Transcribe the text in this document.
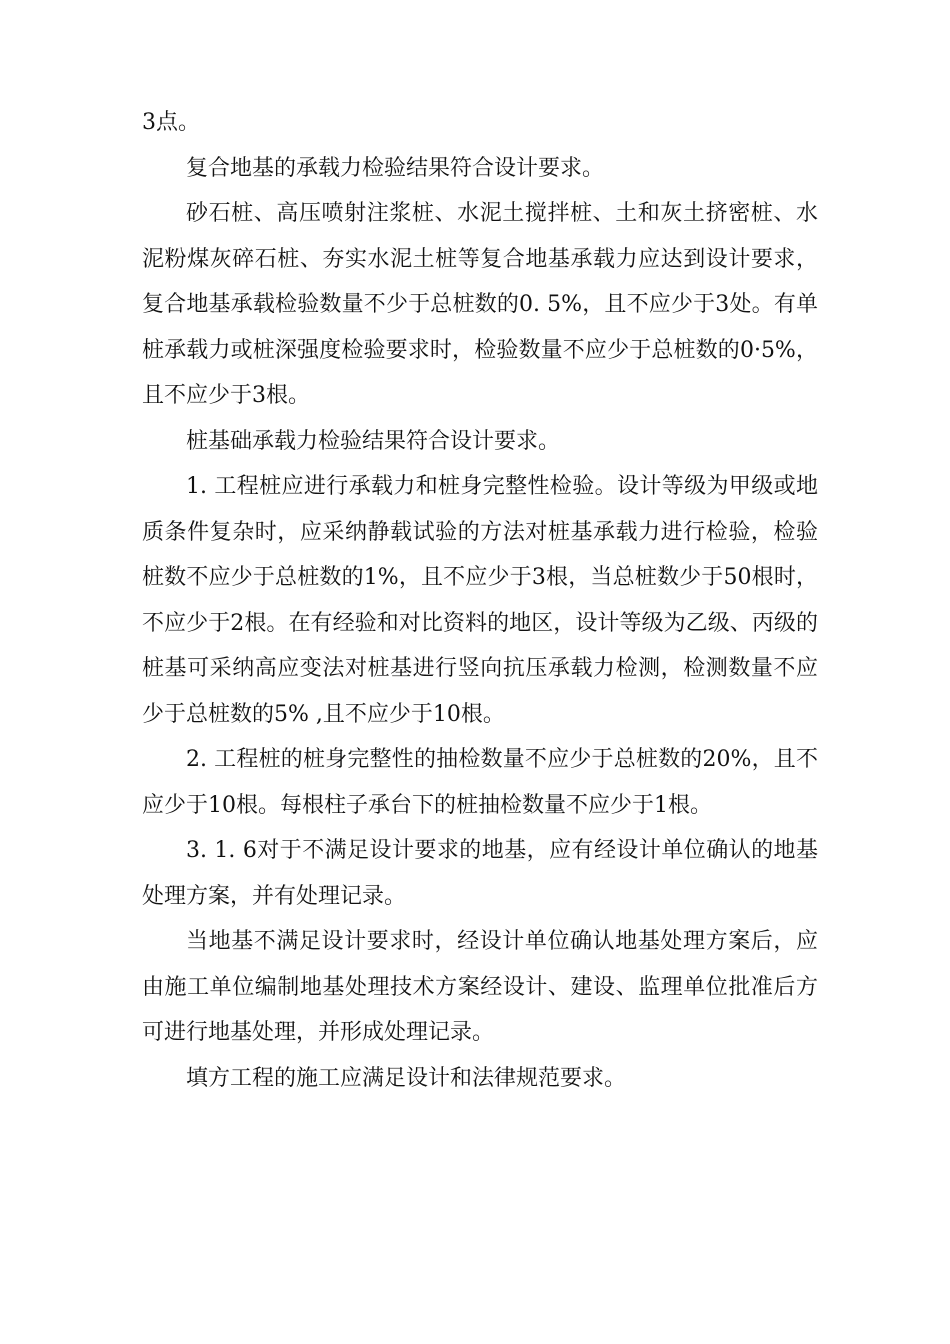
3点。

复合地基的承载力检验结果符合设计要求。

砂石桩、高压喷射注浆桩、水泥土搅拌桩、土和灰土挤密桩、水泥粉煤灰碎石桩、夯实水泥土桩等复合地基承载力应达到设计要求，复合地基承载检验数量不少于总桩数的0. 5%，且不应少于3处。有单桩承载力或桩深强度检验要求时，检验数量不应少于总桩数的0·5%，且不应少于3根。

桩基础承载力检验结果符合设计要求。

1. 工程桩应进行承载力和桩身完整性检验。设计等级为甲级或地质条件复杂时，应采纳静载试验的方法对桩基承载力进行检验，检验桩数不应少于总桩数的1%，且不应少于3根，当总桩数少于50根时，不应少于2根。在有经验和对比资料的地区，设计等级为乙级、丙级的桩基可采纳高应变法对桩基进行竖向抗压承载力检测，检测数量不应少于总桩数的5% ,且不应少于10根。

2. 工程桩的桩身完整性的抽检数量不应少于总桩数的20%，且不应少于10根。每根柱子承台下的桩抽检数量不应少于1根。

3. 1. 6对于不满足设计要求的地基，应有经设计单位确认的地基处理方案，并有处理记录。

当地基不满足设计要求时，经设计单位确认地基处理方案后，应由施工单位编制地基处理技术方案经设计、建设、监理单位批准后方可进行地基处理，并形成处理记录。

填方工程的施工应满足设计和法律规范要求。
